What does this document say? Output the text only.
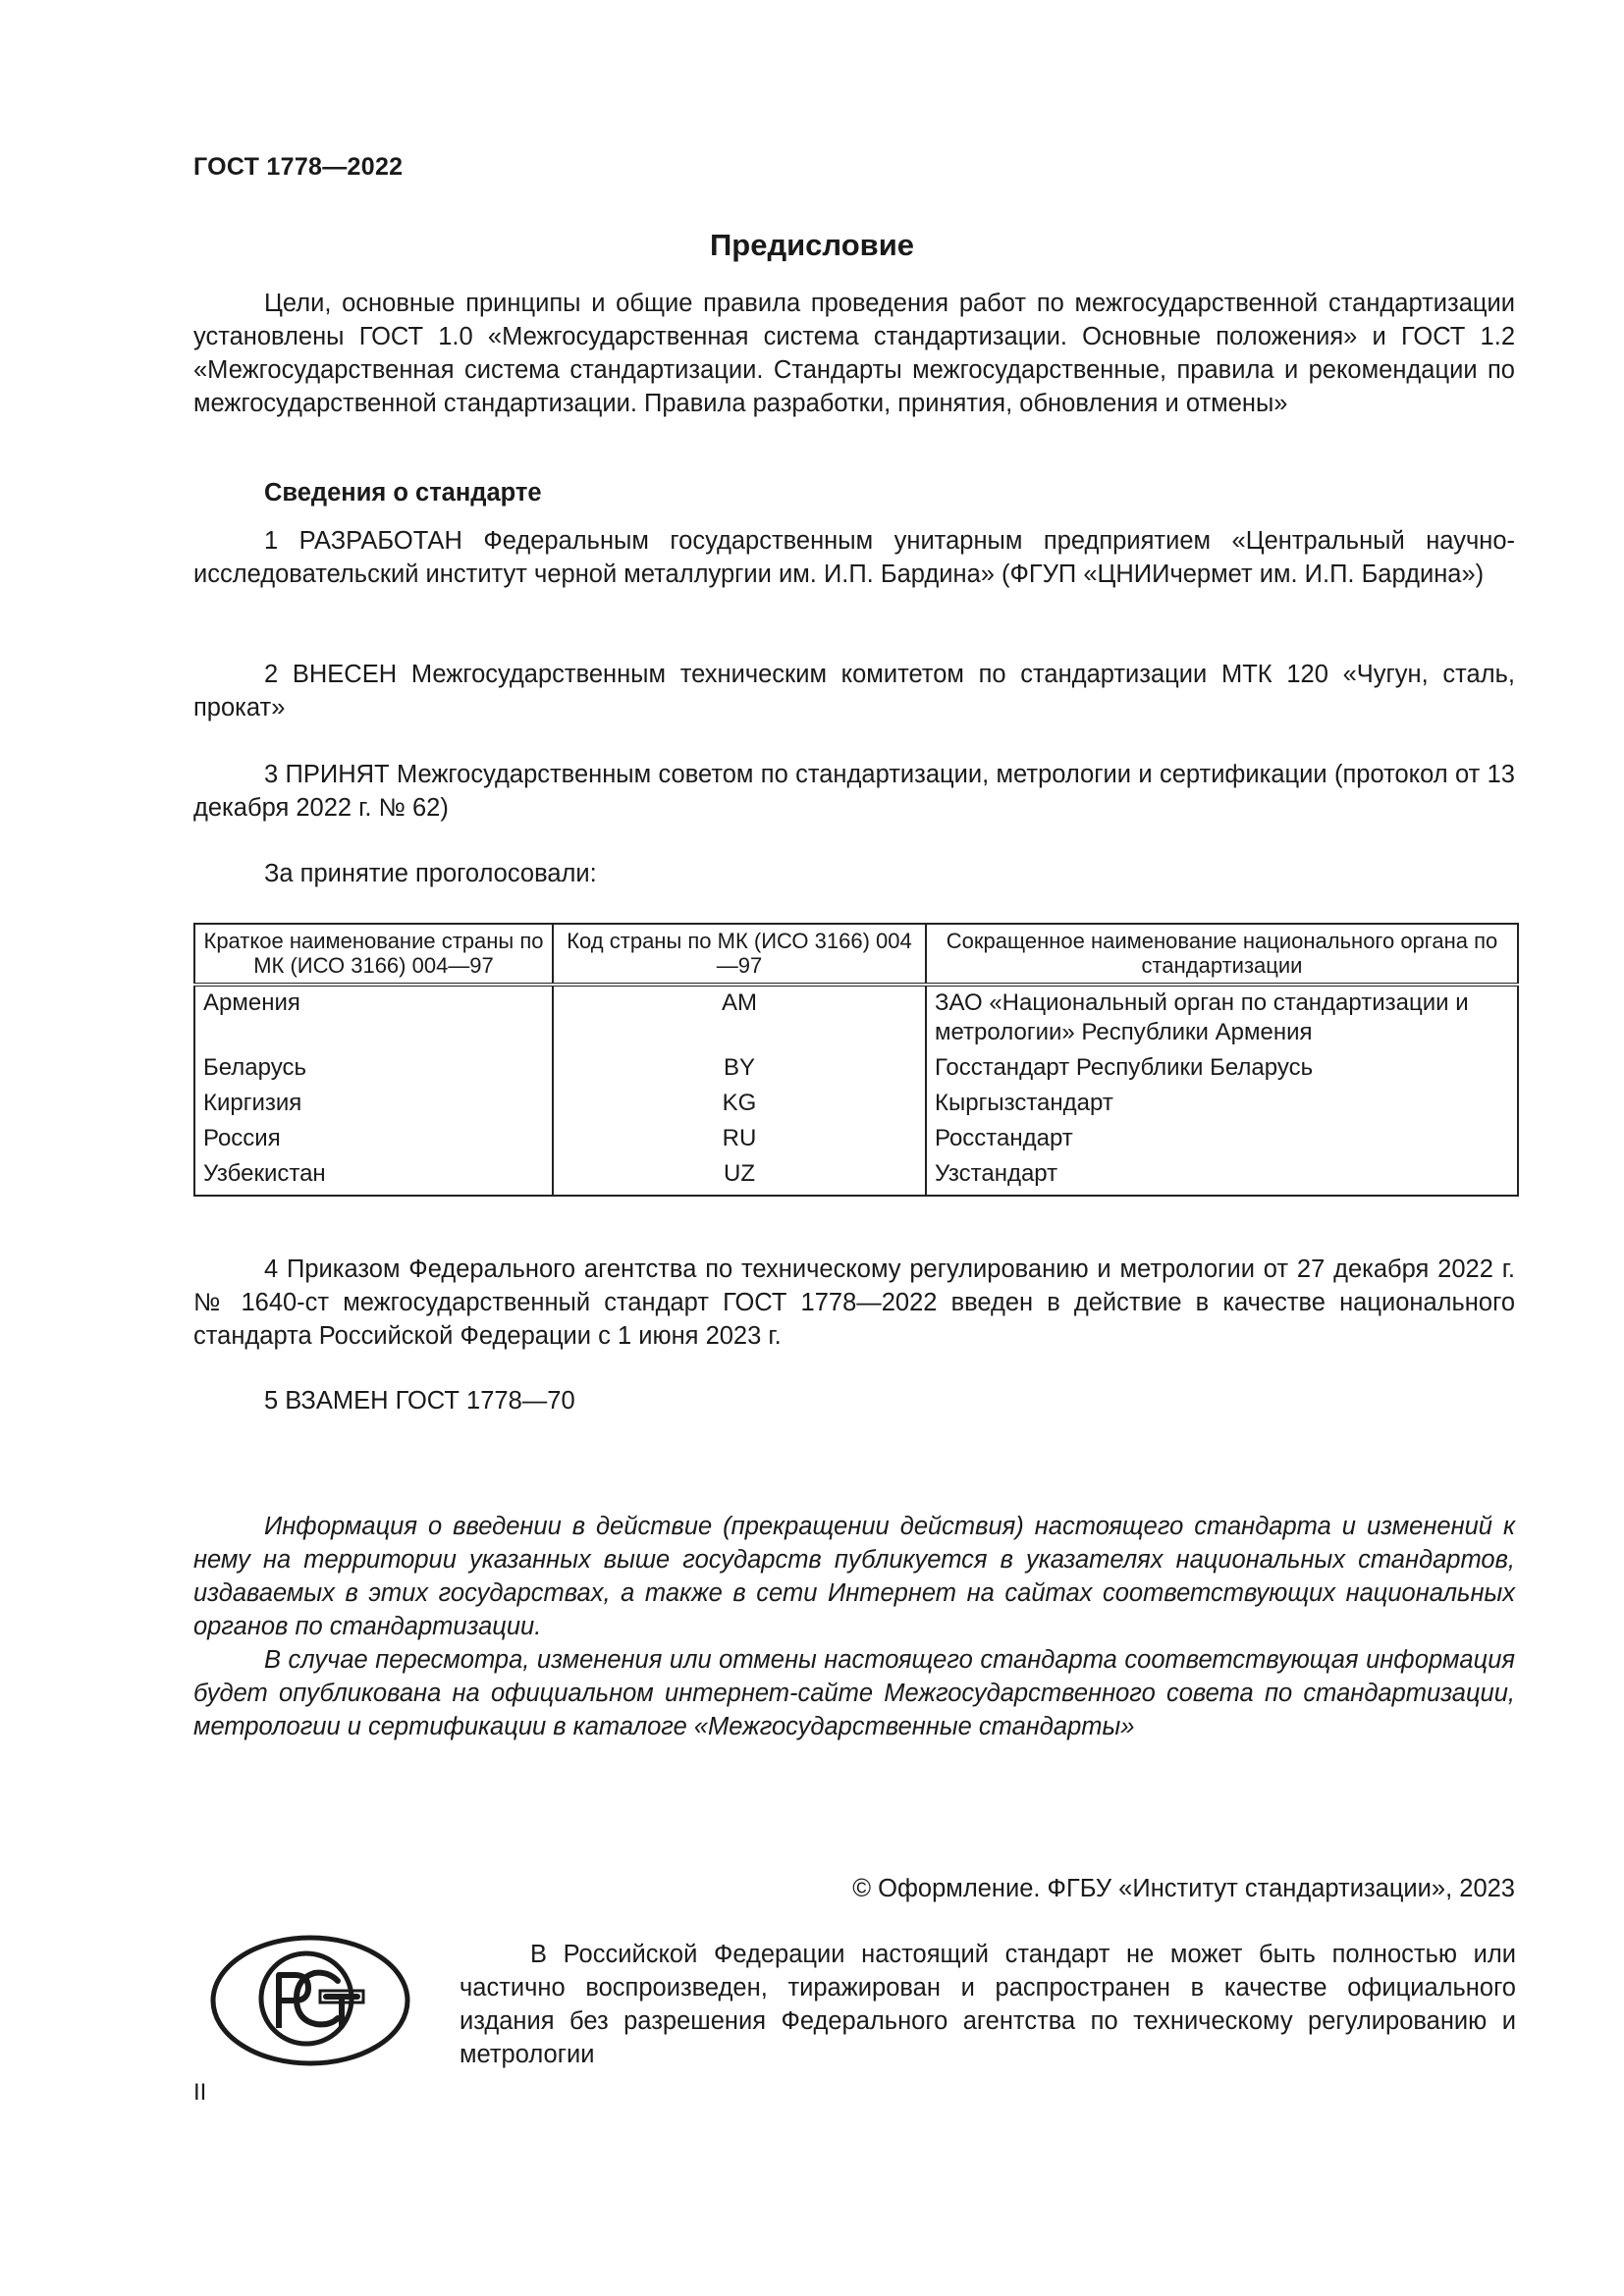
ГОСТ 1778—2022
Предисловие

Цели, основные принципы и общие правила проведения работ по межгосударственной стандартизации установлены ГОСТ 1.0 «Межгосударственная система стандартизации. Основные положения» и ГОСТ 1.2 «Межгосударственная система стандартизации. Стандарты межгосударственные, правила и рекомендации по межгосударственной стандартизации. Правила разработки, принятия, обновления и отмены»

Сведения о стандарте

1 РАЗРАБОТАН Федеральным государственным унитарным предприятием «Центральный научно-исследовательский институт черной металлургии им. И.П. Бардина» (ФГУП «ЦНИИчермет им. И.П. Бардина»)

2 ВНЕСЕН Межгосударственным техническим комитетом по стандартизации МТК 120 «Чугун, сталь, прокат»

3 ПРИНЯТ Межгосударственным советом по стандартизации, метрологии и сертификации (протокол от 13 декабря 2022 г. № 62)

За принятие проголосовали:
Краткое наименование страны по МК (ИСО 3166) 004—97	Код страны по МК (ИСО 3166) 004—97	Сокращенное наименование национального органа по стандартизации
Армения	AM	ЗАО «Национальный орган по стандартизации и метрологии» Республики Армения
Беларусь	BY	Госстандарт Республики Беларусь
Киргизия	KG	Кыргызстандарт
Россия	RU	Росстандарт
Узбекистан	UZ	Узстандарт

4 Приказом Федерального агентства по техническому регулированию и метрологии от 27 декабря 2022 г. № 1640-ст межгосударственный стандарт ГОСТ 1778—2022 введен в действие в качестве национального стандарта Российской Федерации с 1 июня 2023 г.

5 ВЗАМЕН ГОСТ 1778—70

Информация о введении в действие (прекращении действия) настоящего стандарта и изменений к нему на территории указанных выше государств публикуется в указателях национальных стандартов, издаваемых в этих государствах, а также в сети Интернет на сайтах соответствующих национальных органов по стандартизации.

В случае пересмотра, изменения или отмены настоящего стандарта соответствующая информация будет опубликована на официальном интернет-сайте Межгосударственного совета по стандартизации, метрологии и сертификации в каталоге «Межгосударственные стандарты»

© Оформление. ФГБУ «Институт стандартизации», 2023

В Российской Федерации настоящий стандарт не может быть полностью или частично воспроизведен, тиражирован и распространен в качестве официального издания без разрешения Федерального агентства по техническому регулированию и метрологии

II
